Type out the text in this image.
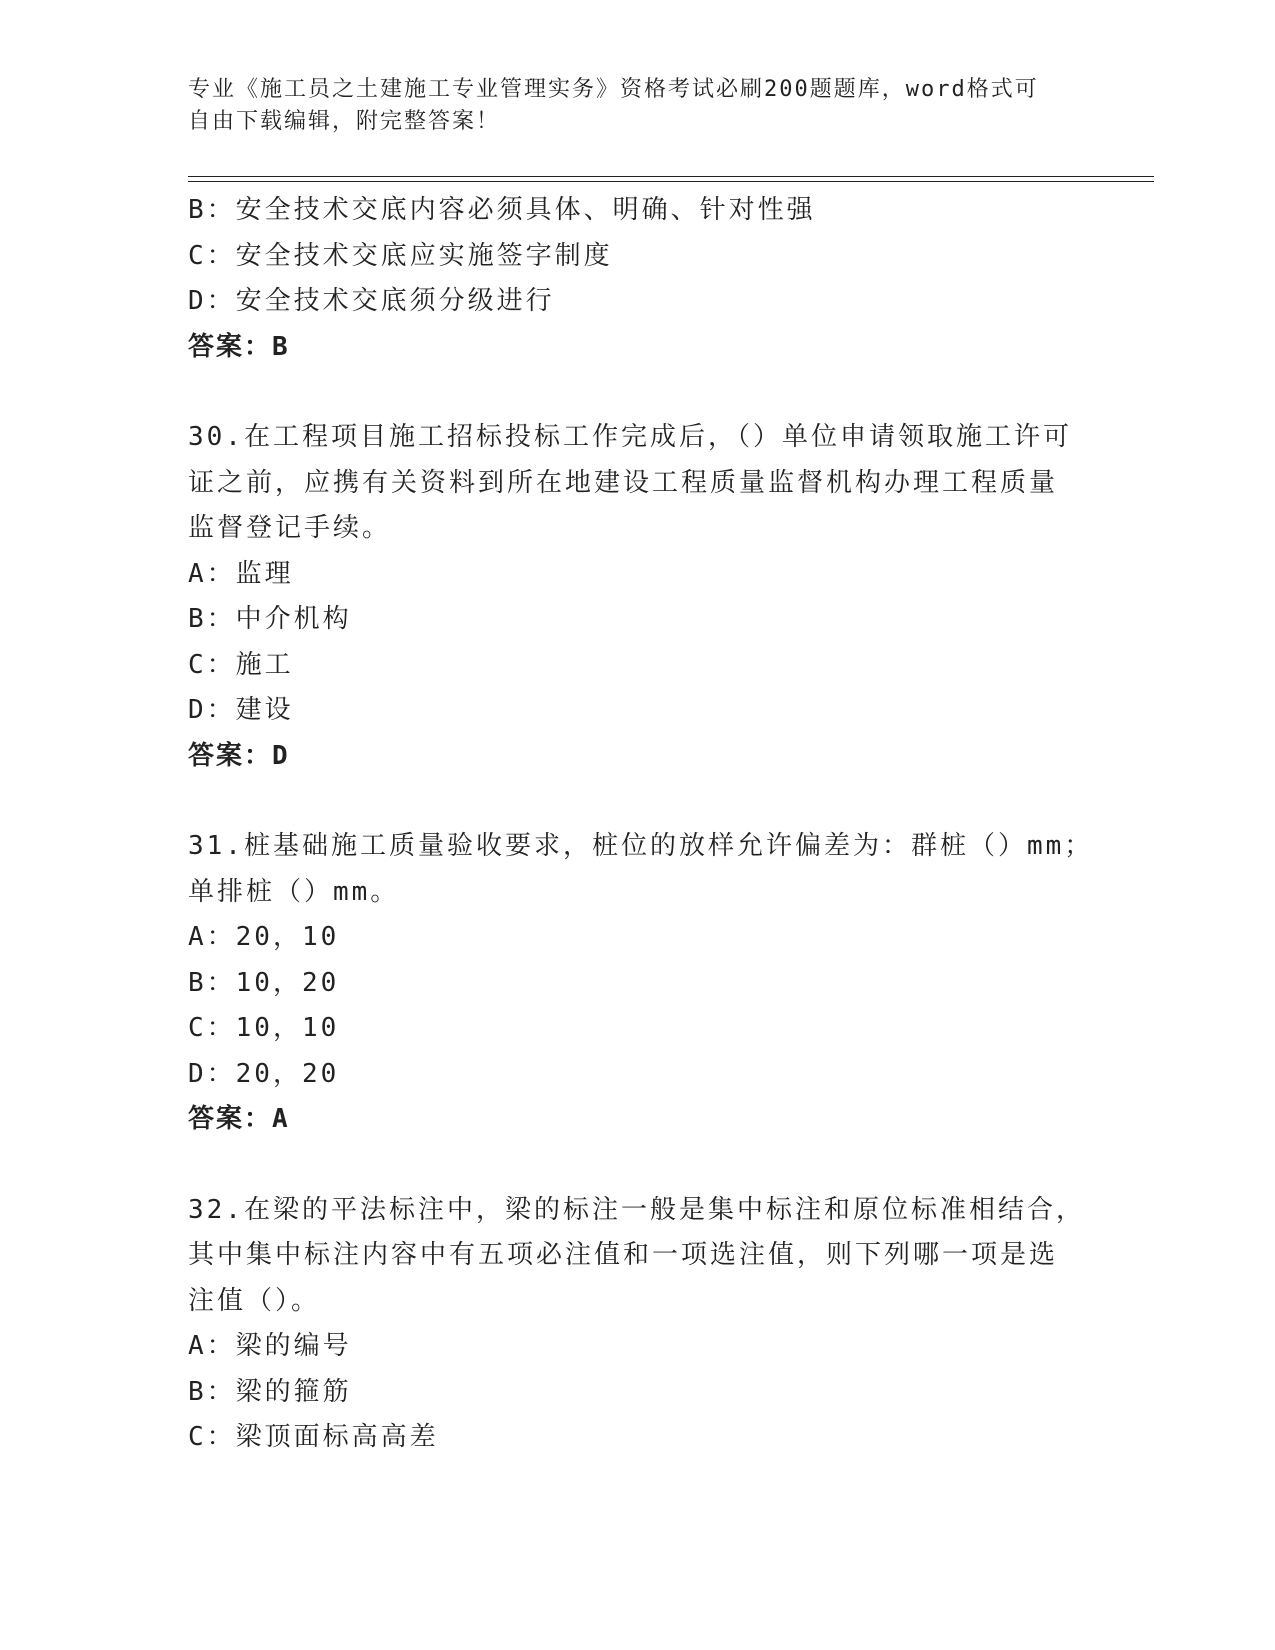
专业《施工员之土建施工专业管理实务》资格考试必刷200题题库，word格式可
自由下载编辑，附完整答案！
B：安全技术交底内容必须具体、明确、针对性强
C：安全技术交底应实施签字制度
D：安全技术交底须分级进行
答案：B
30.在工程项目施工招标投标工作完成后，（）单位申请领取施工许可
证之前，应携有关资料到所在地建设工程质量监督机构办理工程质量
监督登记手续。
A：监理
B：中介机构
C：施工
D：建设
答案：D
31.桩基础施工质量验收要求，桩位的放样允许偏差为：群桩（）mm；
单排桩（）mm。
A：20，10
B：10，20
C：10，10
D：20，20
答案：A
32.在梁的平法标注中，梁的标注一般是集中标注和原位标准相结合，
其中集中标注内容中有五项必注值和一项选注值，则下列哪一项是选
注值（）。
A：梁的编号
B：梁的箍筋
C：梁顶面标高高差
